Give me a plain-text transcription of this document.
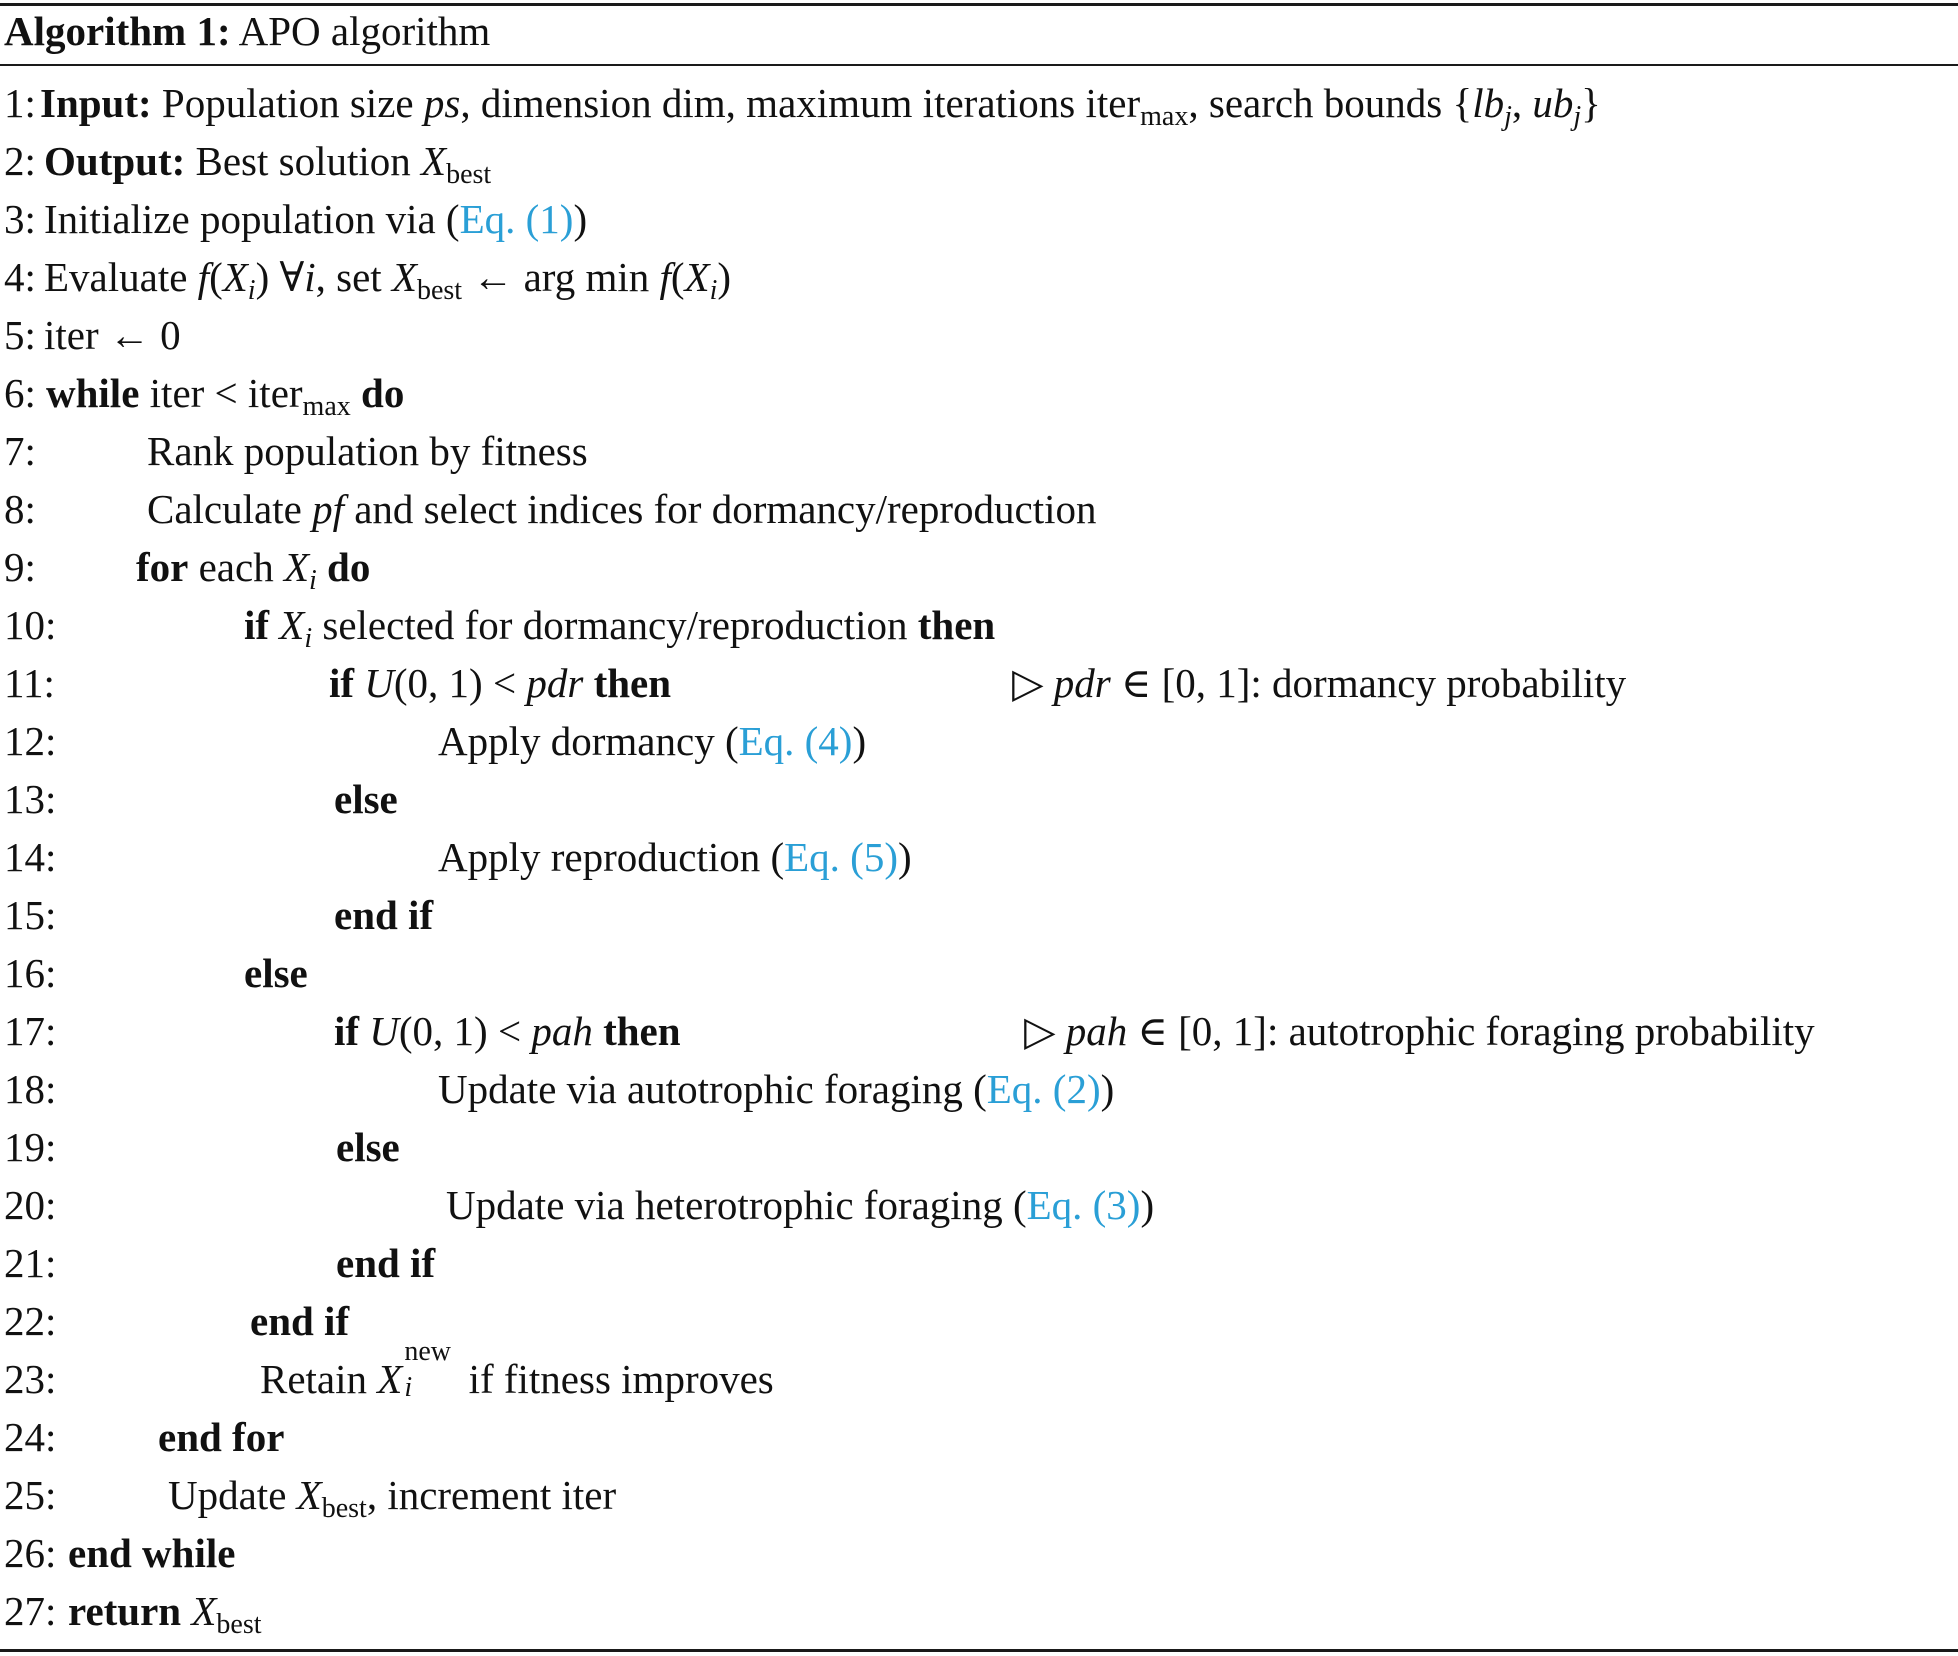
Algorithm 1: APO algorithm
1: Input: Population size ps, dimension dim, maximum iterations iter$_{max}$, search bounds {$lb_j$, $ub_j$}
2: Output: Best solution $X_{best}$
3: Initialize population via (Eq. (1))
4: Evaluate $f(X_i)$ ∀i, set $X_{best}$ ← arg $\min f(X_i)$
5: iter ← 0
6: while iter < iter$_{max}$ do
7:	Rank population by fitness
8:	Calculate pf and select indices for dormancy/reproduction
9: for each $X_i$ do
10:	if $X_i$ selected for dormancy/reproduction then
11:	if U(0, 1) < pdr then	▷ pdr ∈ [0, 1]: dormancy probability
12:	Apply dormancy (Eq. (4))
13:	else
14:	Apply reproduction (Eq. (5))
15:	end if
16:	else
17:	if U(0, 1) < pah then	▷ pah ∈ [0, 1]: autotrophic foraging probability
18:	Update via autotrophic foraging (Eq. (2))
19:	else
20:	Update via heterotrophic foraging (Eq. (3))
21:	end if
22:	end if
23:	Retain X
new
i if fitness improves
24: end for
25:	Update $X_{best}$, increment iter
26: end while
27: return $X_{best}$
